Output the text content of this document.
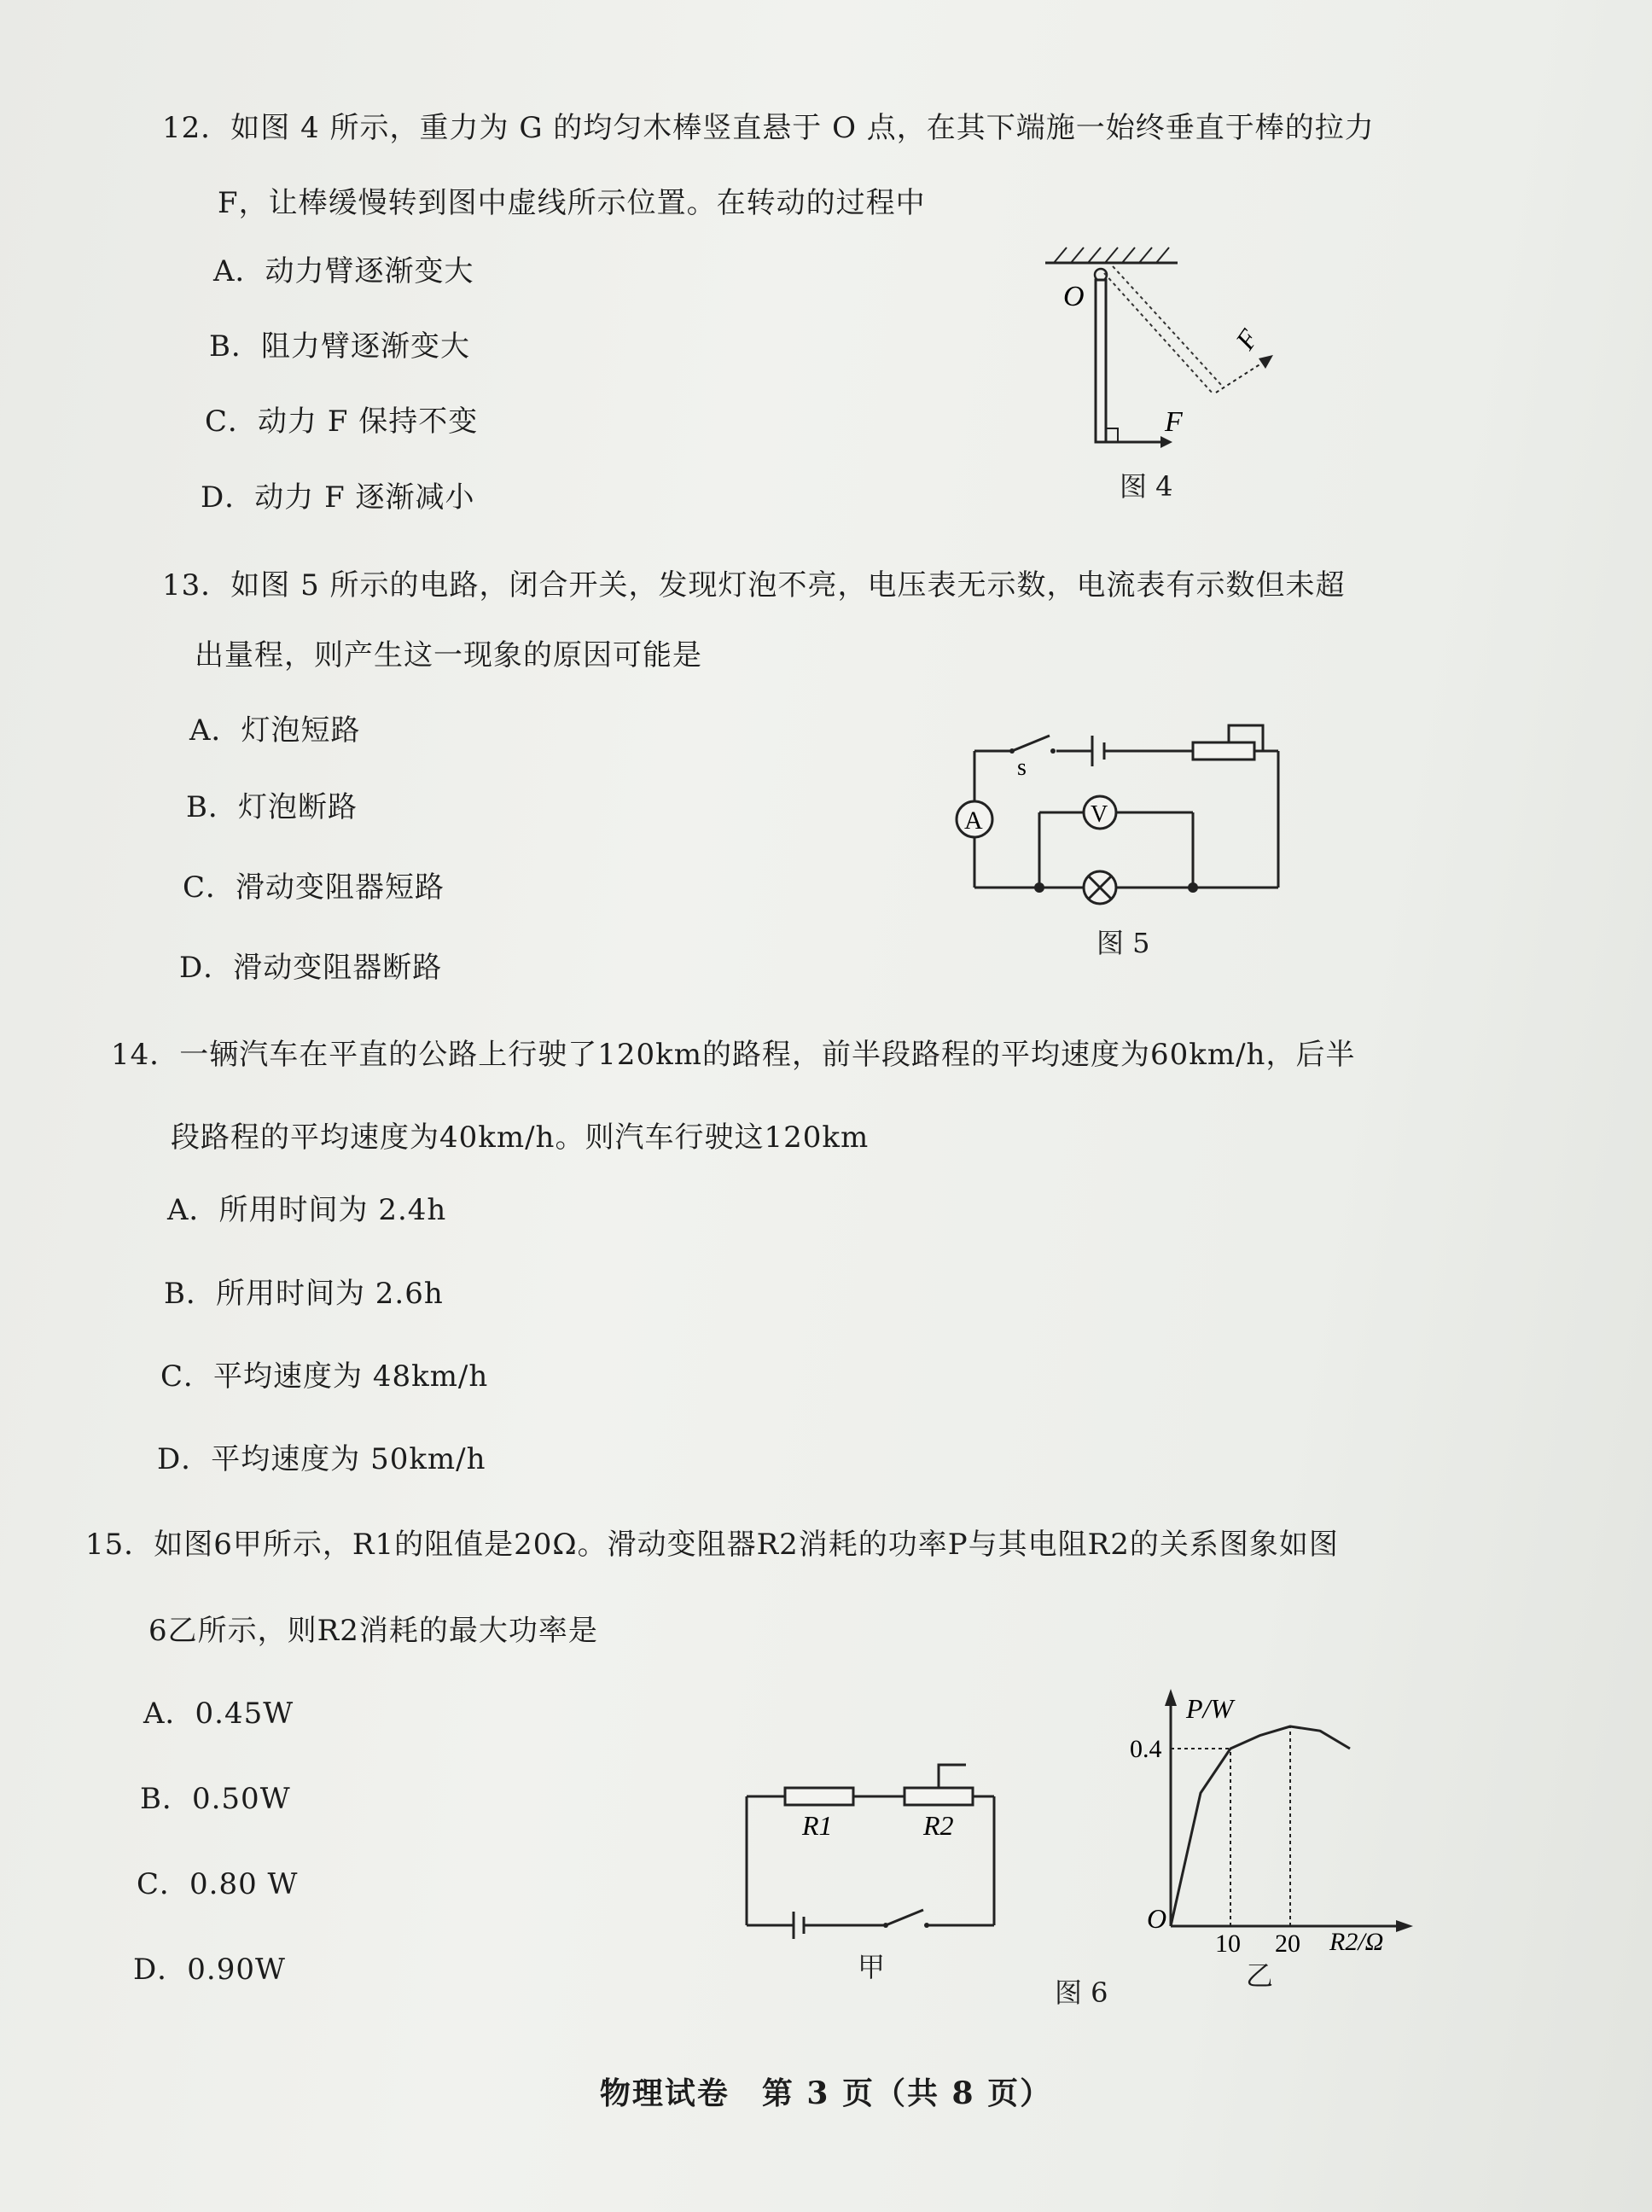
12．如图 4 所示，重力为 G 的均匀木棒竖直悬于 O 点，在其下端施一始终垂直于棒的拉力
F，让棒缓慢转到图中虚线所示位置。在转动的过程中
A．动力臂逐渐变大
B．阻力臂逐渐变大
C．动力 F 保持不变
D．动力 F 逐渐减小
O
F
F
图 4
13．如图 5 所示的电路，闭合开关，发现灯泡不亮，电压表无示数，电流表有示数但未超
出量程，则产生这一现象的原因可能是
A．灯泡短路
B．灯泡断路
C．滑动变阻器短路
D．滑动变阻器断路
s
A	V
图 5
14．一辆汽车在平直的公路上行驶了120km的路程，前半段路程的平均速度为60km/h，后半
段路程的平均速度为40km/h。则汽车行驶这120km
A．所用时间为 2.4h
B．所用时间为 2.6h
C．平均速度为 48km/h
D．平均速度为 50km/h
15．如图6甲所示，R1的阻值是20Ω。滑动变阻器R2消耗的功率P与其电阻R2的关系图象如图
6乙所示，则R2消耗的最大功率是
A．0.45W
B．0.50W
C．0.80 W
D．0.90W
R1	R2
甲
P/W
R2/Ω
O
10 20
0.4
乙
图 6
物理试卷　第 3 页（共 8 页）
